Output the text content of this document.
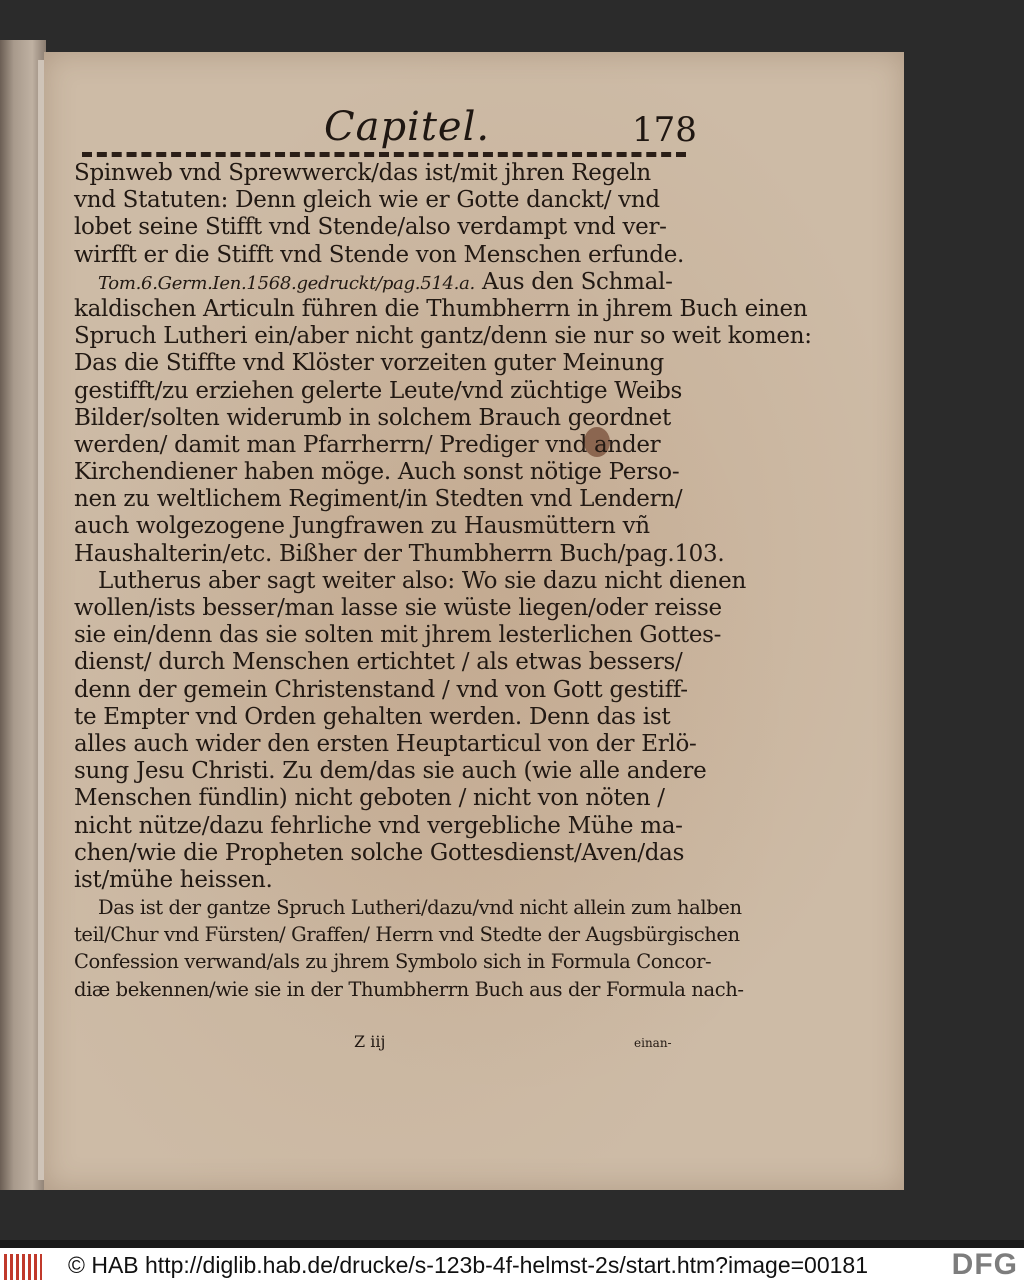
Capitel.	178
Spinweb vnd Sprewwerck/das ist/mit jhren Regeln
vnd Statuten: Denn gleich wie er Gotte danckt/ vnd
lobet seine Stifft vnd Stende/also verdampt vnd ver-
wirfft er die Stifft vnd Stende von Menschen erfunde.
Tom.6.Germ.Ien.1568.gedruckt/pag.514.a. Aus den Schmal-
kaldischen Articuln führen die Thumbherrn in jhrem Buch einen
Spruch Lutheri ein/aber nicht gantz/denn sie nur so weit komen:
Das die Stiffte vnd Klöster vorzeiten guter Meinung
gestifft/zu erziehen gelerte Leute/vnd züchtige Weibs
Bilder/solten widerumb in solchem Brauch geordnet
werden/ damit man Pfarrherrn/ Prediger vnd ander
Kirchendiener haben möge. Auch sonst nötige Perso-
nen zu weltlichem Regiment/in Stedten vnd Lendern/
auch wolgezogene Jungfrawen zu Hausmüttern vñ
Haushalterin/etc. Bißher der Thumbherrn Buch/pag.103.
Lutherus aber sagt weiter also: Wo sie dazu nicht dienen
wollen/ists besser/man lasse sie wüste liegen/oder reisse
sie ein/denn das sie solten mit jhrem lesterlichen Gottes-
dienst/ durch Menschen ertichtet / als etwas bessers/
denn der gemein Christenstand / vnd von Gott gestiff-
te Empter vnd Orden gehalten werden. Denn das ist
alles auch wider den ersten Heuptarticul von der Erlö-
sung Jesu Christi. Zu dem/das sie auch (wie alle andere
Menschen fündlin) nicht geboten / nicht von nöten /
nicht nütze/dazu fehrliche vnd vergebliche Mühe ma-
chen/wie die Propheten solche Gottesdienst/Aven/das
ist/mühe heissen.
Das ist der gantze Spruch Lutheri/dazu/vnd nicht allein zum halben
teil/Chur vnd Fürsten/ Graffen/ Herrn vnd Stedte der Augsbürgischen
Confession verwand/als zu jhrem Symbolo sich in Formula Concor-
diæ bekennen/wie sie in der Thumbherrn Buch aus der Formula nach-
Z iij	einan-
© HAB http://diglib.hab.de/drucke/s-123b-4f-helmst-2s/start.htm?image=00181	DFG
